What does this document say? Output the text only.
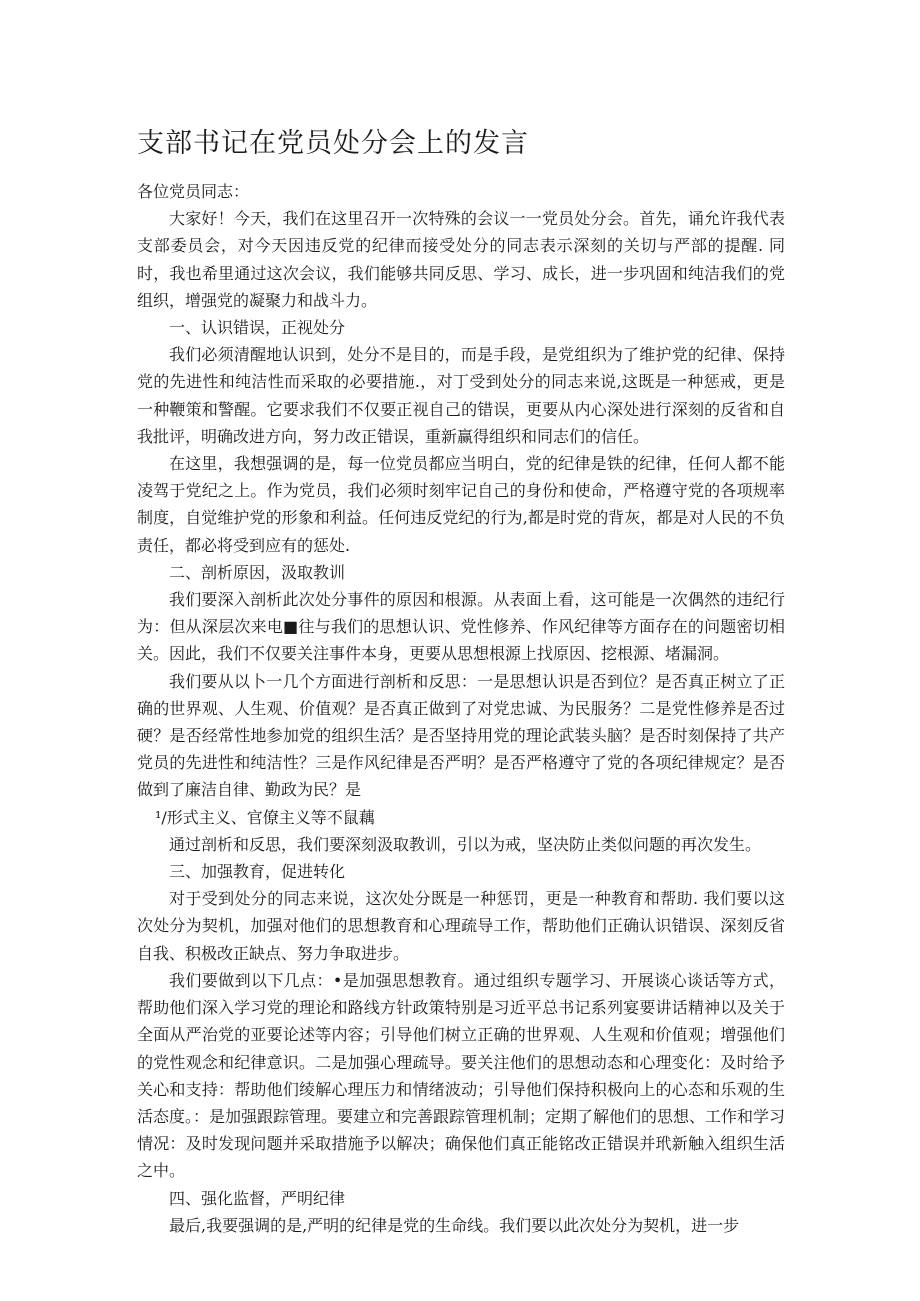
支部书记在党员处分会上的发言

各位党员同志：

大家好！今天，我们在这里召开一次特殊的会议一一党员处分会。首先，诵允许我代表支部委员会，对今天因违反党的纪律而接受处分的同志表示深刻的关切与严部的提醒. 同时，我也希里通过这次会议，我们能够共同反思、学习、成长，进一步巩固和纯洁我们的党组织，增强党的凝聚力和战斗力。

一、认识错误，正视处分

我们必须清醒地认识到，处分不是目的，而是手段，是党组织为了维护党的纪律、保持党的先进性和纯洁性而采取的必要措施.，对丁受到处分的同志来说,这既是一种惩戒，更是一种鞭策和警醒。它要求我们不仅要正视自己的错误，更要从内心深处进行深刻的反省和自我批评，明确改进方向，努力改正错误，重新赢得组织和同志们的信任。

在这里，我想强调的是，每一位党员都应当明白，党的纪律是铁的纪律，任何人都不能凌驾于党纪之上。作为党员，我们必须时刻牢记自己的身份和使命，严格遵守党的各项规率制度，自觉维护党的形象和利益。任何违反党纪的行为,都是时党的背灰，都是对人民的不负责任，都必将受到应有的惩处.

二、剖析原因，汲取教训

我们要深入剖析此次处分事件的原因和根源。从表面上看，这可能是一次偶然的违纪行为：但从深层次来电■往与我们的思想认识、党性修养、作风纪律等方面存在的问题密切相关。因此，我们不仅要关注事件本身，更要从思想根源上找原因、挖根源、堵漏洞。

我们要从以卜一几个方面进行剖析和反思：一是思想认识是否到位？是否真正树立了正确的世界观、人生观、价值观？是否真正做到了对党忠诚、为民服务？二是党性修养是否过硬？是否经常性地参加党的组织生活？是否坚持用党的理论武装头脑？是否时刻保持了共产党员的先进性和纯洁性？三是作风纪律是否严明？是否严格遵守了党的各项纪律规定？是否做到了廉洁自律、勤政为民？是

¹/形式主义、官僚主义等不鼠藕

通过剖析和反思，我们要深刻汲取教训，引以为戒，坚决防止类似问题的再次发生。

三、加强教育，促进转化

对于受到处分的同志来说，这次处分既是一种惩罚，更是一种教育和帮助. 我们要以这次处分为契机，加强对他们的思想教育和心理疏导工作，帮助他们正确认识错误、深刻反省自我、积极改正缺点、努力争取进步。

我们要做到以下几点：•是加强思想教育。通过组织专题学习、开展谈心谈话等方式，帮助他们深入学习党的理论和路线方针政策特别是习近平总书记系列宴要讲话精神以及关于全面从严治党的亚要论述等内容；引导他们树立正确的世界观、人生观和价值观；增强他们的党性观念和纪律意识。二是加强心理疏导。要关注他们的思想动态和心理变化：及时给予关心和支持：帮助他们绫解心理压力和情绪波动；引导他们保持积极向上的心态和乐观的生活态度。：是加强跟踪管理。要建立和完善跟踪管理机制；定期了解他们的思想、工作和学习情况：及时发现问题并采取措施予以解决；确保他们真正能铭改正错误并玳新触入组织生活之中。

四、强化监督，严明纪律

最后,我要强调的是,严明的纪律是党的生命线。我们要以此次处分为契机，进一步
